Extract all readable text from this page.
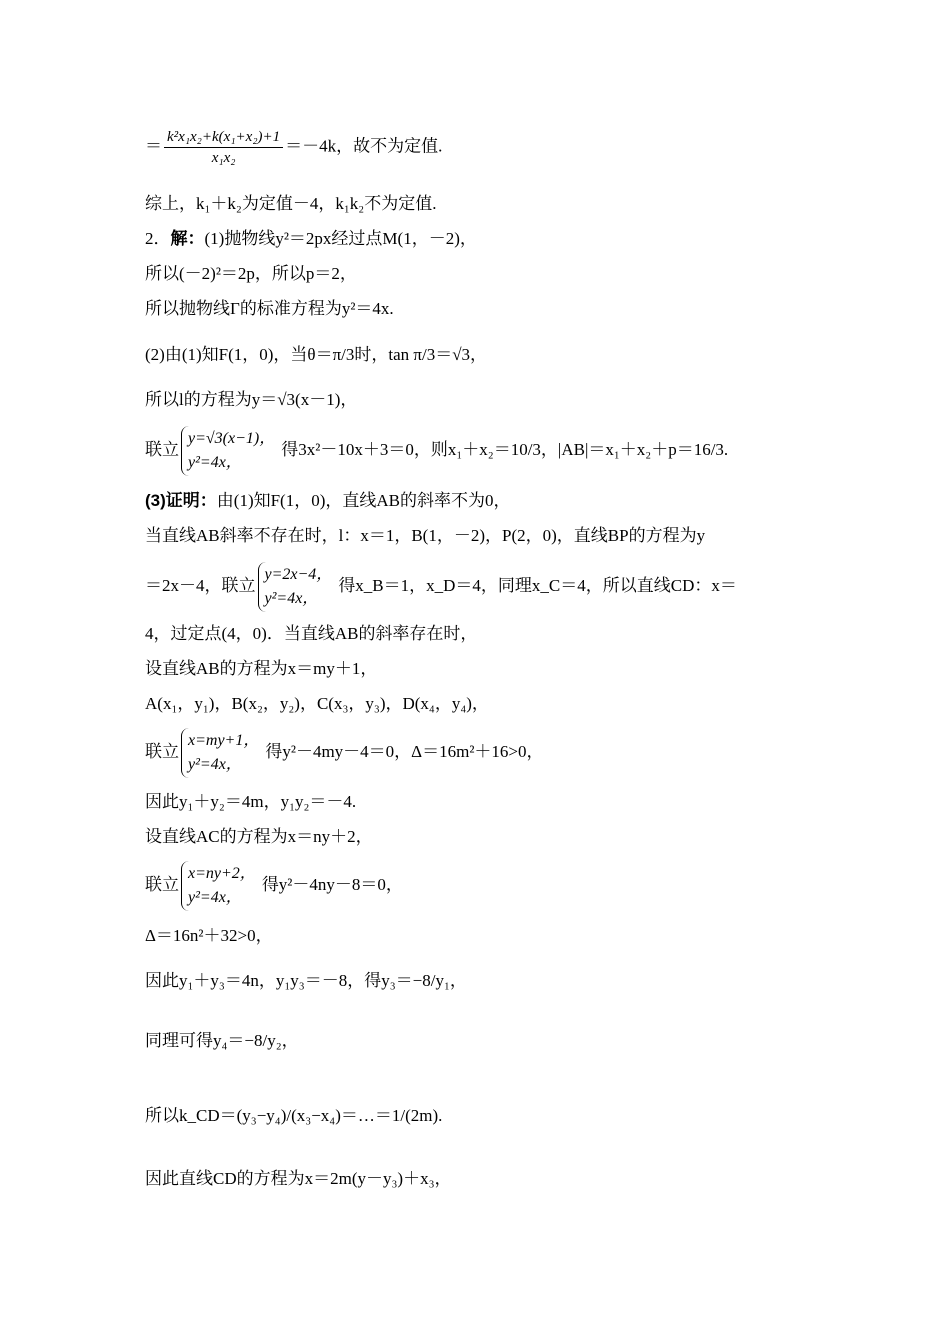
＝ $\frac{\text{k²x₁x₂+k(x₁+x₂)+1}}{\text{x₁x₂}} =-4k$，故不为定值.
综上，k₁＋k₂为定值－4，k₁k₂不为定值.
2．解：(1)抛物线y²＝2px经过点M(1，－2)，
所以(－2)²＝2p，所以p＝2，
所以抛物线Γ的标准方程为y²＝4x.
(2)由(1)知F(1，0)，当θ＝π/3时，tan π/3＝√3，
所以l的方程为y＝√3(x－1)，
联立
y=√3(x−1)，
y²=4x，
得3x²－10x＋3＝0，则x₁＋x₂＝10/3，|AB|＝x₁＋x₂＋p＝16/3.
(3)证明：由(1)知F(1，0)，直线AB的斜率不为0，
当直线AB斜率不存在时，l：x＝1，B(1，－2)，P(2，0)，直线BP的方程为y
＝2x－4，联立
y=2x−4，
y²=4x，
得x_B＝1，x_D＝4，同理x_C＝4，所以直线CD：x＝
4，过定点(4，0)．当直线AB的斜率存在时，
设直线AB的方程为x＝my＋1，
A(x₁，y₁)，B(x₂，y₂)，C(x₃，y₃)，D(x₄，y₄)，
联立
x=my+1，
y²=4x，
得y²－4my－4＝0，Δ＝16m²＋16>0，
因此y₁＋y₂＝4m，y₁y₂＝－4.
设直线AC的方程为x＝ny＋2，
联立
x=ny+2，
y²=4x，
得y²－4ny－8＝0，
Δ＝16n²＋32>0，
因此y₁＋y₃＝4n，y₁y₃＝－8，得y₃＝−8/y₁，
同理可得y₄＝−8/y₂，
所以k_CD＝(y₃−y₄)/(x₃−x₄)＝…＝1/(2m).
因此直线CD的方程为x＝2m(y－y₃)＋x₃，
